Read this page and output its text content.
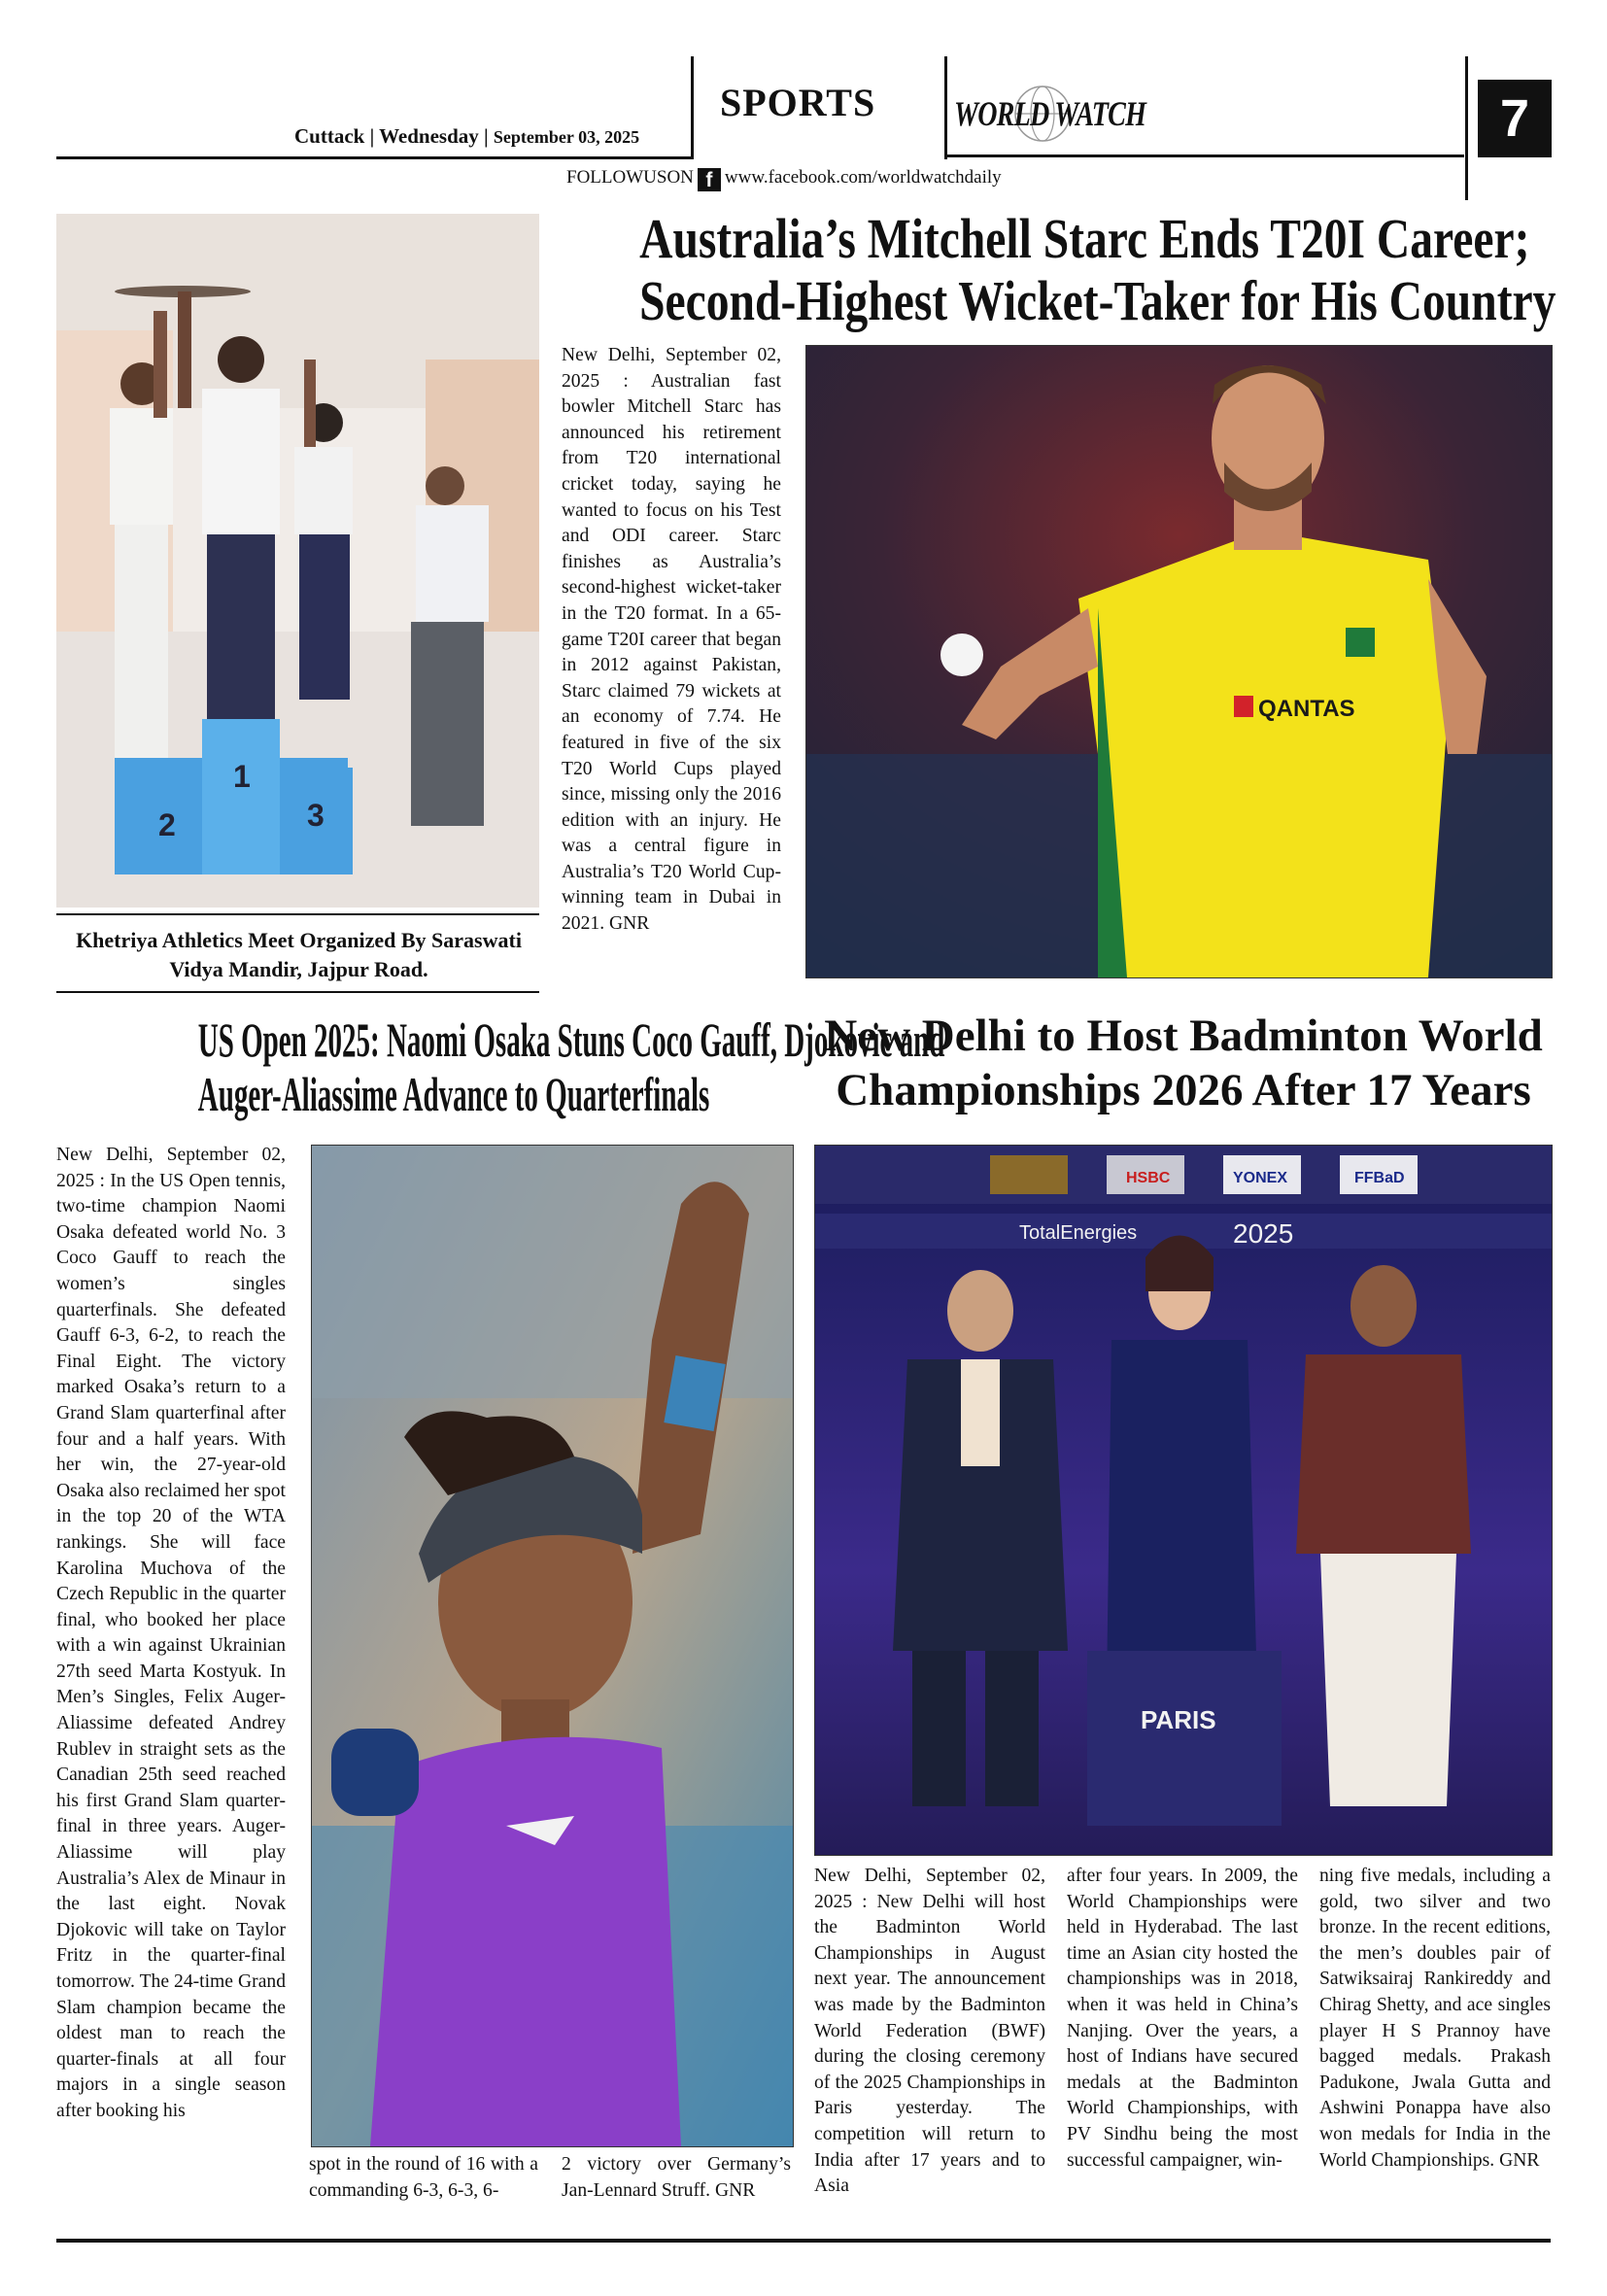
Cuttack | Wednesday | September 03, 2025
SPORTS WORLD WATCH	7
FOLLOWUSON f www.facebook.com/worldwatchdaily
2
1
3
Khetriya Athletics Meet Organized By Saraswati Vidya Mandir, Jajpur Road.
Australia’s Mitchell Starc Ends T20I Career;
Second-Highest Wicket-Taker for His Country
New Delhi, September 02, 2025 : Australian fast bowler Mitchell Starc has announced his retirement from T20 international cricket today, saying he wanted to focus on his Test and ODI career. Starc finishes as Australia’s second-highest wicket-taker in the T20 format. In a 65-game T20I career that began in 2012 against Pakistan, Starc claimed 79 wickets at an economy of 7.74. He featured in five of the six T20 World Cups played since, missing only the 2016 edition with an injury. He was a central figure in Australia’s T20 World Cup-winning team in Dubai in 2021. GNR
QANTAS
US Open 2025: Naomi Osaka Stuns Coco Gauff, Djokovic and
Auger-Aliassime Advance to Quarterfinals
New Delhi, September 02, 2025 : In the US Open tennis, two-time champion Naomi Osaka defeated world No. 3 Coco Gauff to reach the women’s singles quarterfinals. She defeated Gauff 6-3, 6-2, to reach the Final Eight. The victory marked Osaka’s return to a Grand Slam quarterfinal after four and a half years. With her win, the 27-year-old Osaka also reclaimed her spot in the top 20 of the WTA rankings. She will face Karolina Muchova of the Czech Republic in the quarter final, who booked her place with a win against Ukrainian 27th seed Marta Kostyuk. In Men’s Singles, Felix Auger-Aliassime defeated Andrey Rublev in straight sets as the Canadian 25th seed reached his first Grand Slam quarter-final in three years. Auger-Aliassime will play Australia’s Alex de Minaur in the last eight. Novak Djokovic will take on Taylor Fritz in the quarter-final tomorrow. The 24-time Grand Slam champion became the oldest man to reach the quarter-finals at all four majors in a single season after booking his
spot in the round of 16 with a commanding 6-3, 6-3, 6-
2 victory over Germany’s Jan-Lennard Struff. GNR
New Delhi to Host Badminton World
Championships 2026 After 17 Years
HSBC	YONEX	FFBaD
TotalEnergies	2025
PARIS
New Delhi, September 02, 2025 : New Delhi will host the Badminton World Championships in August next year. The announcement was made by the Badminton World Federation (BWF) during the closing ceremony of the 2025 Championships in Paris yesterday. The competition will return to India after 17 years and to Asia
after four years. In 2009, the World Championships were held in Hyderabad. The last time an Asian city hosted the championships was in 2018, when it was held in China’s Nanjing. Over the years, a host of Indians have secured medals at the Badminton World Championships, with PV Sindhu being the most successful campaigner, win-
ning five medals, including a gold, two silver and two bronze. In the recent editions, the men’s doubles pair of Satwiksairaj Rankireddy and Chirag Shetty, and ace singles player H S Prannoy have bagged medals. Prakash Padukone, Jwala Gutta and Ashwini Ponappa have also won medals for India in the World Championships. GNR
